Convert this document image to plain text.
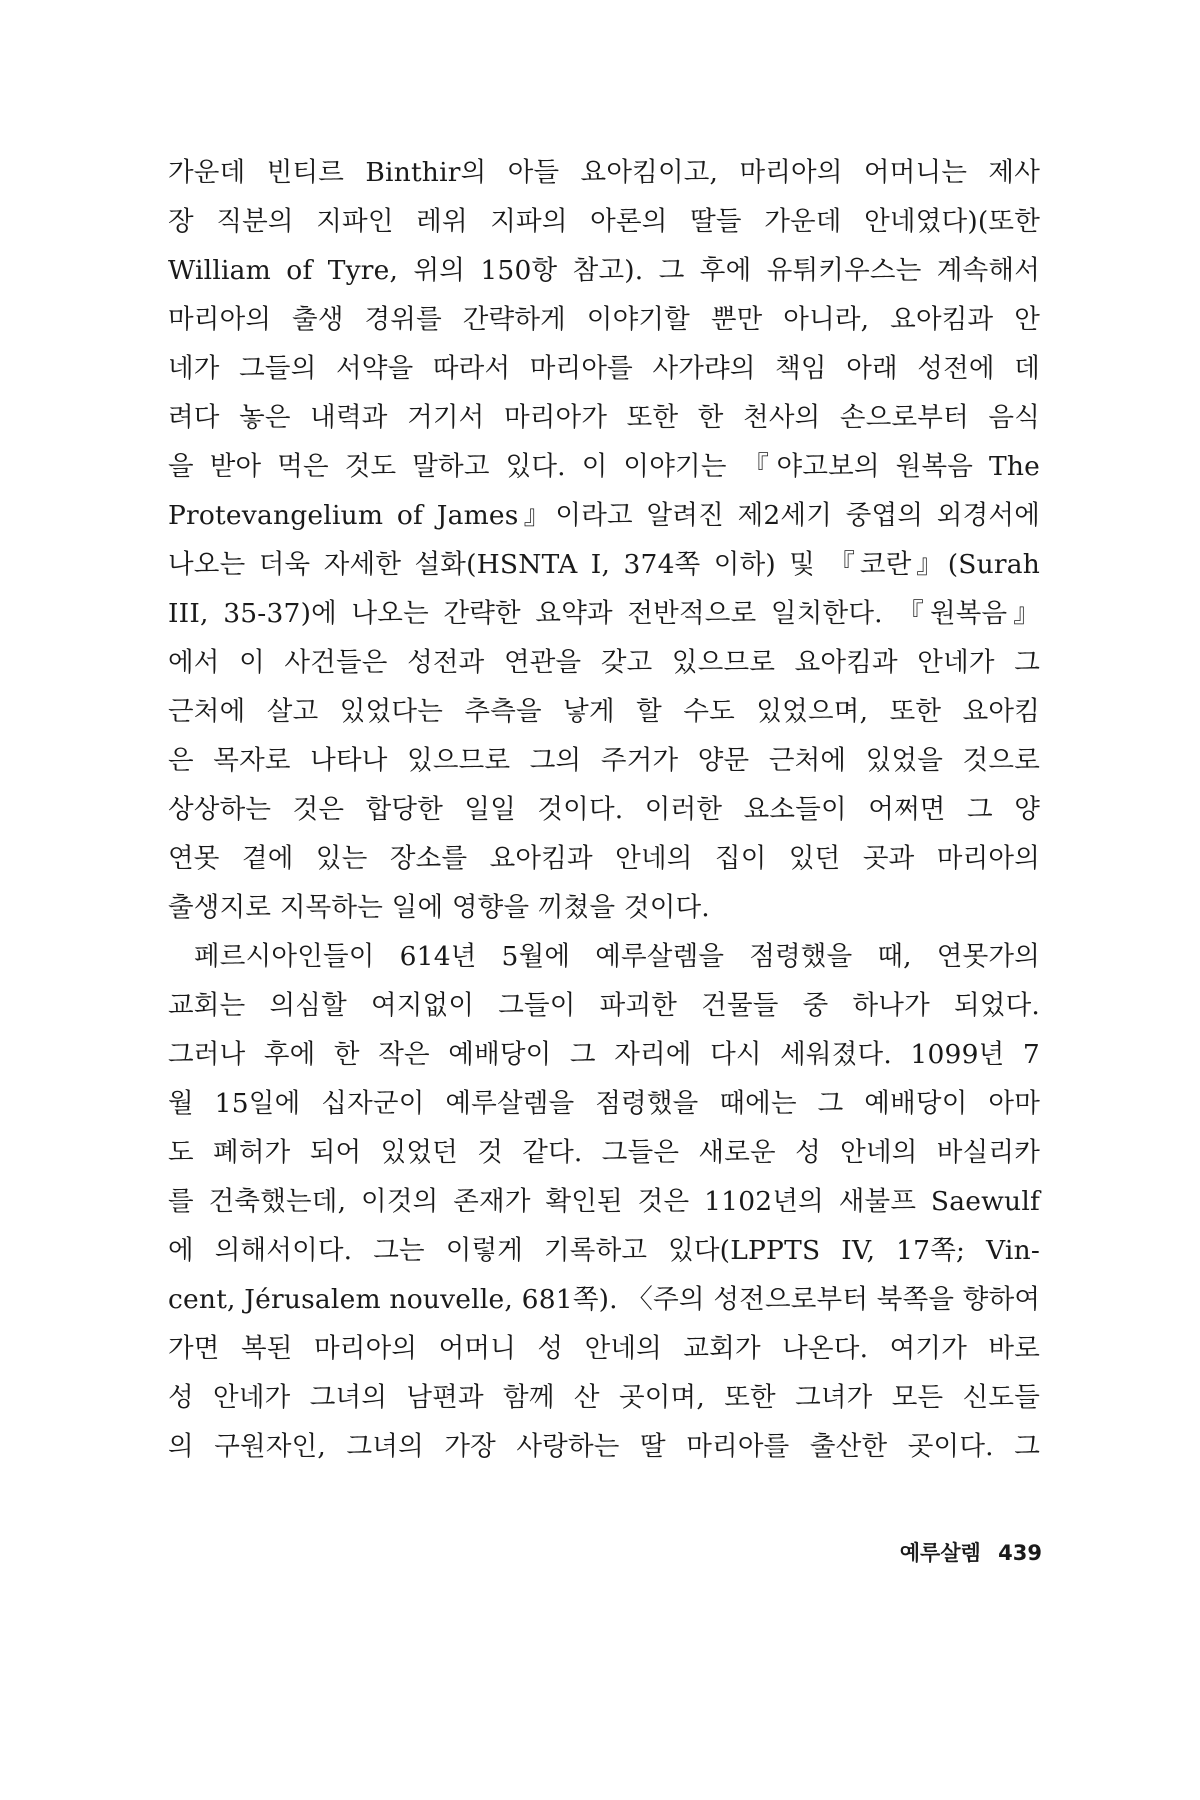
가운데 빈티르 Binthir의 아들 요아킴이고, 마리아의 어머니는 제사
장 직분의 지파인 레위 지파의 아론의 딸들 가운데 안네였다)(또한
William of Tyre, 위의 150항 참고). 그 후에 유튀키우스는 계속해서
마리아의 출생 경위를 간략하게 이야기할 뿐만 아니라, 요아킴과 안
네가 그들의 서약을 따라서 마리아를 사가랴의 책임 아래 성전에 데
려다 놓은 내력과 거기서 마리아가 또한 한 천사의 손으로부터 음식
을 받아 먹은 것도 말하고 있다. 이 이야기는 『야고보의 원복음 The
Protevangelium of James』이라고 알려진 제2세기 중엽의 외경서에
나오는 더욱 자세한 설화(HSNTA I, 374쪽 이하) 및 『코란』(Surah
III, 35-37)에 나오는 간략한 요약과 전반적으로 일치한다. 『원복음』
에서 이 사건들은 성전과 연관을 갖고 있으므로 요아킴과 안네가 그
근처에 살고 있었다는 추측을 낳게 할 수도 있었으며, 또한 요아킴
은 목자로 나타나 있으므로 그의 주거가 양문 근처에 있었을 것으로
상상하는 것은 합당한 일일 것이다. 이러한 요소들이 어쩌면 그 양
연못 곁에 있는 장소를 요아킴과 안네의 집이 있던 곳과 마리아의
출생지로 지목하는 일에 영향을 끼쳤을 것이다.
페르시아인들이 614년 5월에 예루살렘을 점령했을 때, 연못가의
교회는 의심할 여지없이 그들이 파괴한 건물들 중 하나가 되었다.
그러나 후에 한 작은 예배당이 그 자리에 다시 세워졌다. 1099년 7
월 15일에 십자군이 예루살렘을 점령했을 때에는 그 예배당이 아마
도 폐허가 되어 있었던 것 같다. 그들은 새로운 성 안네의 바실리카
를 건축했는데, 이것의 존재가 확인된 것은 1102년의 새불프 Saewulf
에 의해서이다. 그는 이렇게 기록하고 있다(LPPTS IV, 17쪽; Vin-
cent, Jérusalem nouvelle, 681쪽). 〈주의 성전으로부터 북쪽을 향하여
가면 복된 마리아의 어머니 성 안네의 교회가 나온다. 여기가 바로
성 안네가 그녀의 남편과 함께 산 곳이며, 또한 그녀가 모든 신도들
의 구원자인, 그녀의 가장 사랑하는 딸 마리아를 출산한 곳이다. 그
예루살렘 439
